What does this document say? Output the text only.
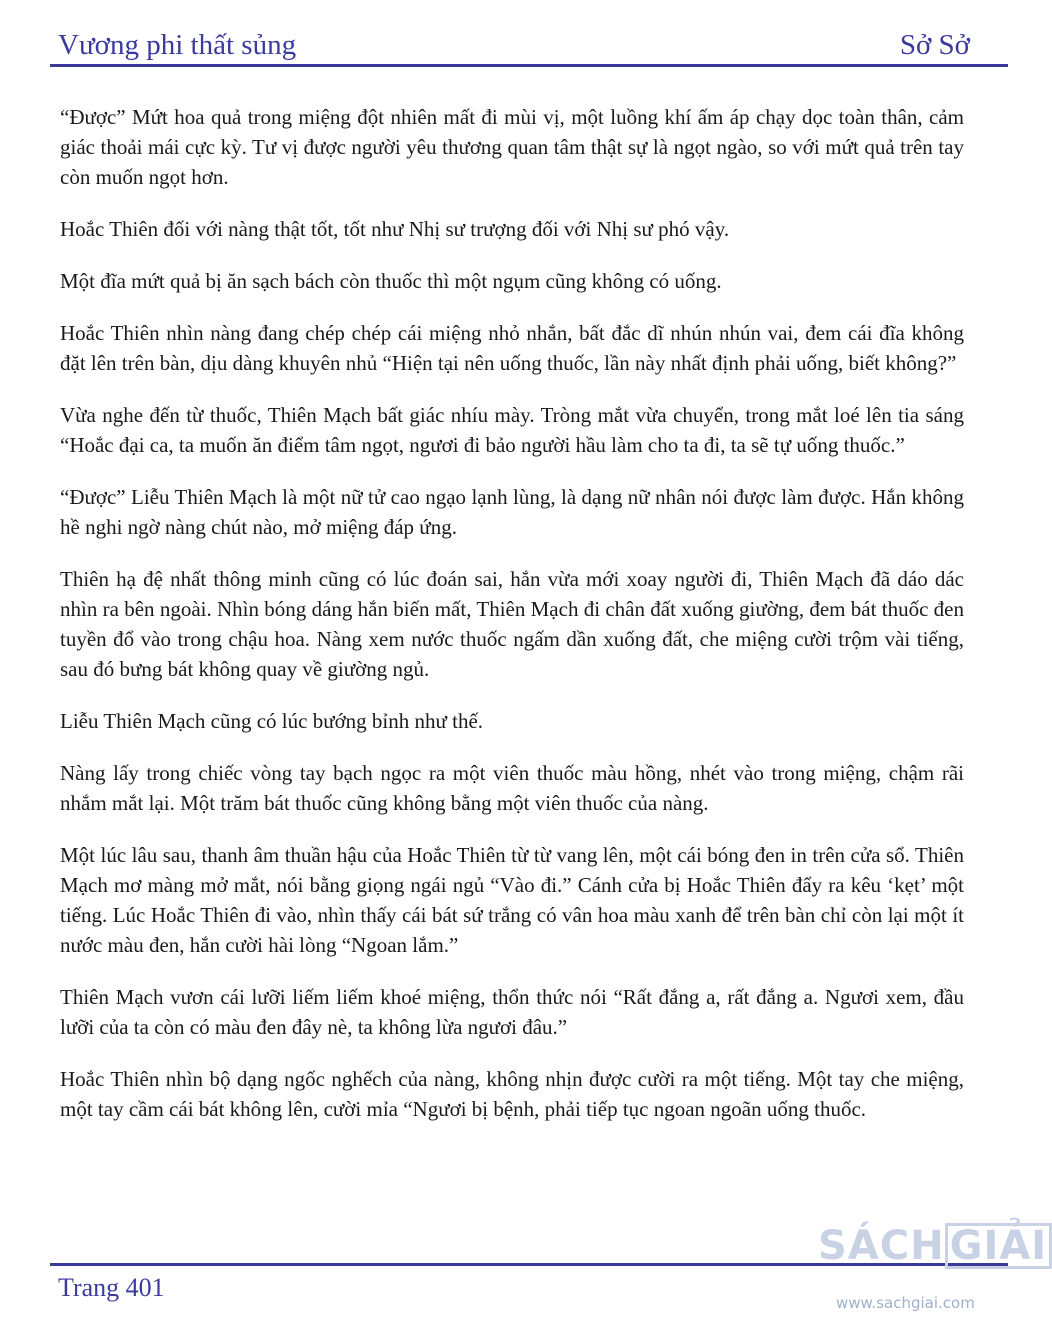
Vương phi thất sủng	Sở Sở

“Được” Mứt hoa quả trong miệng đột nhiên mất đi mùi vị, một luồng khí ấm áp chạy dọc toàn thân, cảm giác thoải mái cực kỳ. Tư vị được người yêu thương quan tâm thật sự là ngọt ngào, so với mứt quả trên tay còn muốn ngọt hơn.

Hoắc Thiên đối với nàng thật tốt, tốt như Nhị sư trượng đối với Nhị sư phó vậy.

Một đĩa mứt quả bị ăn sạch bách còn thuốc thì một ngụm cũng không có uống.

Hoắc Thiên nhìn nàng đang chép chép cái miệng nhỏ nhắn, bất đắc dĩ nhún nhún vai, đem cái đĩa không đặt lên trên bàn, dịu dàng khuyên nhủ “Hiện tại nên uống thuốc, lần này nhất định phải uống, biết không?”

Vừa nghe đến từ thuốc, Thiên Mạch bất giác nhíu mày. Tròng mắt vừa chuyển, trong mắt loé lên tia sáng “Hoắc đại ca, ta muốn ăn điểm tâm ngọt, ngươi đi bảo người hầu làm cho ta đi, ta sẽ tự uống thuốc.”

“Được” Liễu Thiên Mạch là một nữ tử cao ngạo lạnh lùng, là dạng nữ nhân nói được làm được. Hắn không hề nghi ngờ nàng chút nào, mở miệng đáp ứng.

Thiên hạ đệ nhất thông minh cũng có lúc đoán sai, hắn vừa mới xoay người đi, Thiên Mạch đã dáo dác nhìn ra bên ngoài. Nhìn bóng dáng hắn biến mất, Thiên Mạch đi chân đất xuống giường, đem bát thuốc đen tuyền đổ vào trong chậu hoa. Nàng xem nước thuốc ngấm dần xuống đất, che miệng cười trộm vài tiếng, sau đó bưng bát không quay về giường ngủ.

Liễu Thiên Mạch cũng có lúc bướng bỉnh như thế.

Nàng lấy trong chiếc vòng tay bạch ngọc ra một viên thuốc màu hồng, nhét vào trong miệng, chậm rãi nhắm mắt lại. Một trăm bát thuốc cũng không bằng một viên thuốc của nàng.

Một lúc lâu sau, thanh âm thuần hậu của Hoắc Thiên từ từ vang lên, một cái bóng đen in trên cửa sổ. Thiên Mạch mơ màng mở mắt, nói bằng giọng ngái ngủ “Vào đi.” Cánh cửa bị Hoắc Thiên đẩy ra kêu ‘kẹt’ một tiếng. Lúc Hoắc Thiên đi vào, nhìn thấy cái bát sứ trắng có vân hoa màu xanh để trên bàn chỉ còn lại một ít nước màu đen, hắn cười hài lòng “Ngoan lắm.”

Thiên Mạch vươn cái lưỡi liếm liếm khoé miệng, thổn thức nói “Rất đắng a, rất đắng a. Ngươi xem, đầu lưỡi của ta còn có màu đen đây nè, ta không lừa ngươi đâu.”

Hoắc Thiên nhìn bộ dạng ngốc nghếch của nàng, không nhịn được cười ra một tiếng. Một tay che miệng, một tay cầm cái bát không lên, cười mỉa “Ngươi bị bệnh, phải tiếp tục ngoan ngoãn uống thuốc.

Trang 401
SÁCH GIẢI
www.sachgiai.com
